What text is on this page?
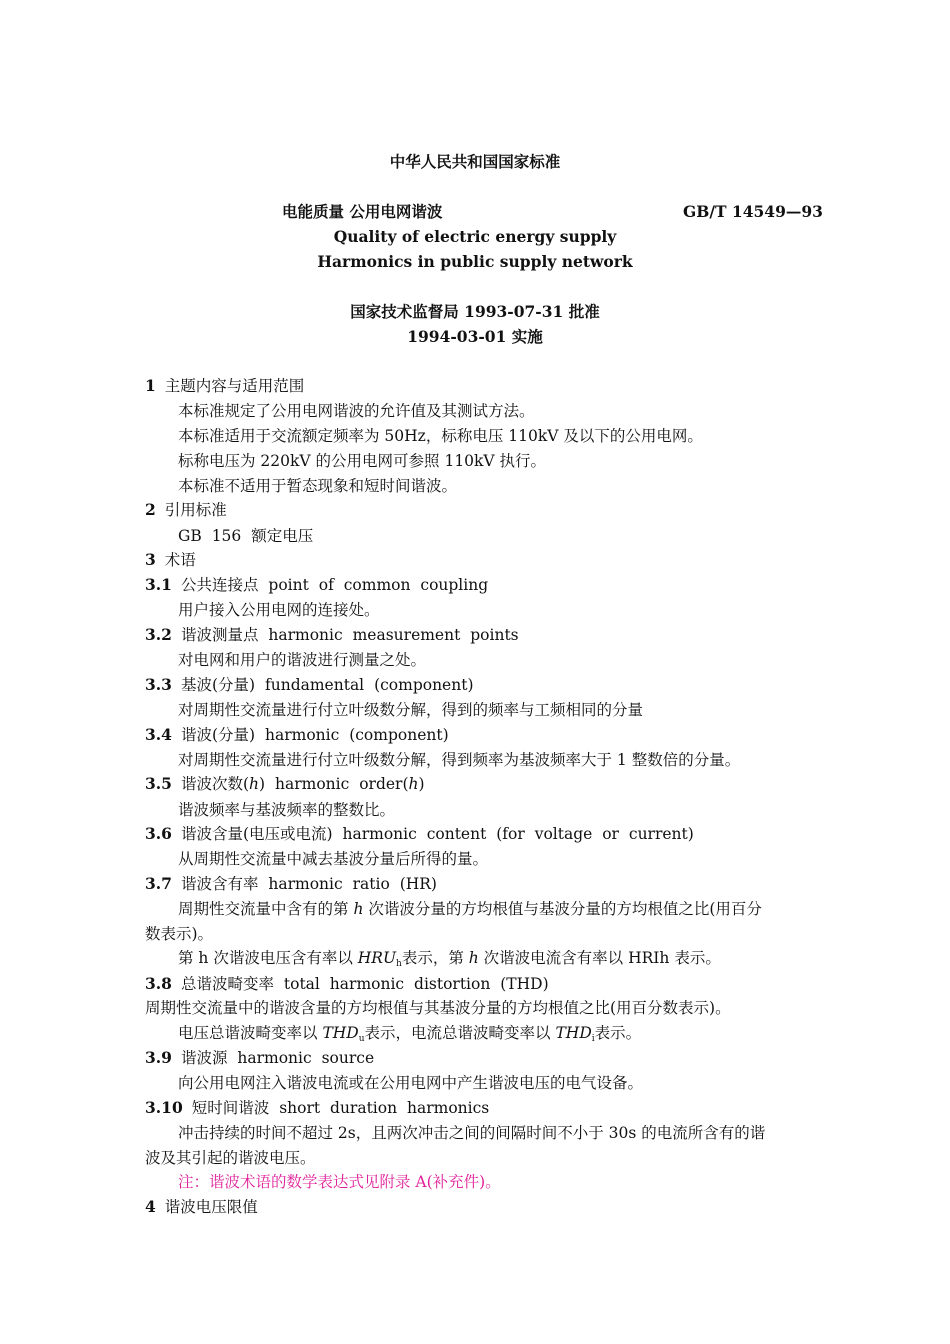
中华人民共和国国家标准
电能质量 公用电网谐波	GB/T 14549—93
Quality of electric energy supply
Harmonics in public supply network
国家技术监督局 1993-07-31 批准
1994-03-01 实施
1 主题内容与适用范围
本标准规定了公用电网谐波的允许值及其测试方法。
本标准适用于交流额定频率为 50Hz，标称电压 110kV 及以下的公用电网。
标称电压为 220kV 的公用电网可参照 110kV 执行。
本标准不适用于暂态现象和短时间谐波。
2 引用标准
GB 156 额定电压
3 术语
3.1 公共连接点 point of common coupling
用户接入公用电网的连接处。
3.2 谐波测量点 harmonic measurement points
对电网和用户的谐波进行测量之处。
3.3 基波(分量) fundamental (component)
对周期性交流量进行付立叶级数分解，得到的频率与工频相同的分量
3.4 谐波(分量) harmonic (component)
对周期性交流量进行付立叶级数分解，得到频率为基波频率大于 1 整数倍的分量。
3.5 谐波次数(h) harmonic order(h)
谐波频率与基波频率的整数比。
3.6 谐波含量(电压或电流) harmonic content (for voltage or current)
从周期性交流量中减去基波分量后所得的量。
3.7 谐波含有率 harmonic ratio (HR)
周期性交流量中含有的第 h 次谐波分量的方均根值与基波分量的方均根值之比(用百分
数表示)。
第 h 次谐波电压含有率以 $HRU_h$表示，第 h 次谐波电流含有率以 HRIh 表示。
3.8 总谐波畸变率 total harmonic distortion (THD)
周期性交流量中的谐波含量的方均根值与其基波分量的方均根值之比(用百分数表示)。
电压总谐波畸变率以 $THD_u$表示，电流总谐波畸变率以 $THD_i$表示。
3.9 谐波源 harmonic source
向公用电网注入谐波电流或在公用电网中产生谐波电压的电气设备。
3.10 短时间谐波 short duration harmonics
冲击持续的时间不超过 2s，且两次冲击之间的间隔时间不小于 30s 的电流所含有的谐
波及其引起的谐波电压。
注：谐波术语的数学表达式见附录 A(补充件)。
4 谐波电压限值
